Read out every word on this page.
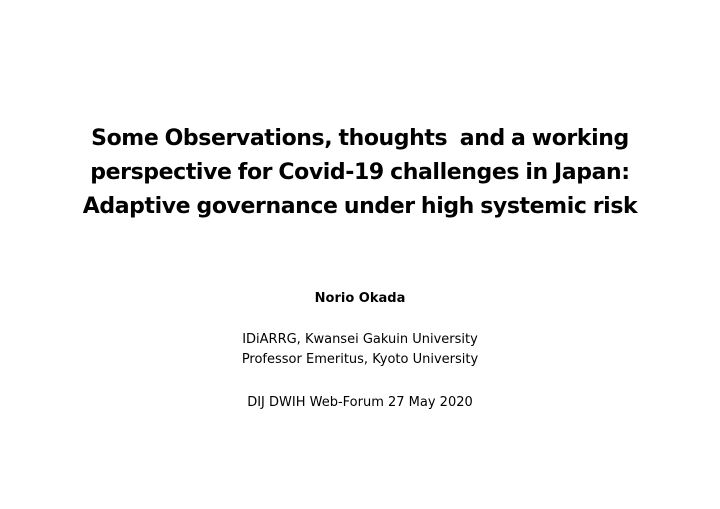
Some Observations, thoughts  and a working
perspective for Covid-19 challenges in Japan:
Adaptive governance under high systemic risk
Norio Okada
IDiARRG, Kwansei Gakuin University
Professor Emeritus, Kyoto University
DIJ DWIH Web-Forum 27 May 2020
